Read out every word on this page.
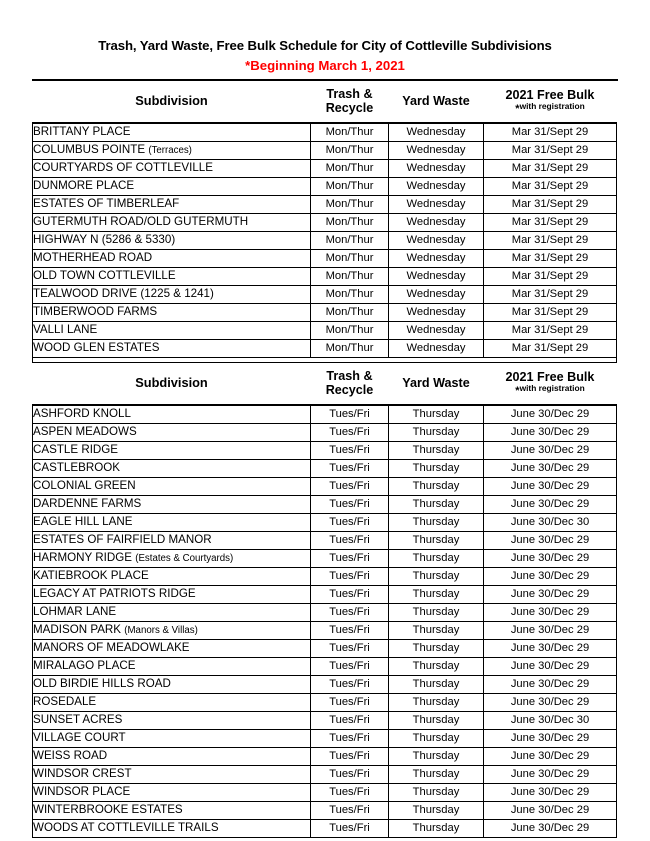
Trash, Yard Waste, Free Bulk Schedule for City of Cottleville Subdivisions
*Beginning March 1, 2021
Subdivision	Trash &
Recycle	Yard Waste	2021 Free Bulk
*with registration

BRITTANY PLACE	Mon/Thur	Wednesday	Mar 31/Sept 29
COLUMBUS POINTE (Terraces)	Mon/Thur	Wednesday	Mar 31/Sept 29
COURTYARDS OF COTTLEVILLE	Mon/Thur	Wednesday	Mar 31/Sept 29
DUNMORE PLACE	Mon/Thur	Wednesday	Mar 31/Sept 29
ESTATES OF TIMBERLEAF	Mon/Thur	Wednesday	Mar 31/Sept 29
GUTERMUTH ROAD/OLD GUTERMUTH	Mon/Thur	Wednesday	Mar 31/Sept 29
HIGHWAY N (5286 & 5330)	Mon/Thur	Wednesday	Mar 31/Sept 29
MOTHERHEAD ROAD	Mon/Thur	Wednesday	Mar 31/Sept 29
OLD TOWN COTTLEVILLE	Mon/Thur	Wednesday	Mar 31/Sept 29
TEALWOOD DRIVE (1225 & 1241)	Mon/Thur	Wednesday	Mar 31/Sept 29
TIMBERWOOD FARMS	Mon/Thur	Wednesday	Mar 31/Sept 29
VALLI LANE	Mon/Thur	Wednesday	Mar 31/Sept 29
WOOD GLEN ESTATES	Mon/Thur	Wednesday	Mar 31/Sept 29

Subdivision	Trash &
Recycle	Yard Waste	2021 Free Bulk
*with registration

ASHFORD KNOLL	Tues/Fri	Thursday	June 30/Dec 29
ASPEN MEADOWS	Tues/Fri	Thursday	June 30/Dec 29
CASTLE RIDGE	Tues/Fri	Thursday	June 30/Dec 29
CASTLEBROOK	Tues/Fri	Thursday	June 30/Dec 29
COLONIAL GREEN	Tues/Fri	Thursday	June 30/Dec 29
DARDENNE FARMS	Tues/Fri	Thursday	June 30/Dec 29
EAGLE HILL LANE	Tues/Fri	Thursday	June 30/Dec 30
ESTATES OF FAIRFIELD MANOR	Tues/Fri	Thursday	June 30/Dec 29
HARMONY RIDGE (Estates & Courtyards)	Tues/Fri	Thursday	June 30/Dec 29
KATIEBROOK PLACE	Tues/Fri	Thursday	June 30/Dec 29
LEGACY AT PATRIOTS RIDGE	Tues/Fri	Thursday	June 30/Dec 29
LOHMAR LANE	Tues/Fri	Thursday	June 30/Dec 29
MADISON PARK (Manors & Villas)	Tues/Fri	Thursday	June 30/Dec 29
MANORS OF MEADOWLAKE	Tues/Fri	Thursday	June 30/Dec 29
MIRALAGO PLACE	Tues/Fri	Thursday	June 30/Dec 29
OLD BIRDIE HILLS ROAD	Tues/Fri	Thursday	June 30/Dec 29
ROSEDALE	Tues/Fri	Thursday	June 30/Dec 29
SUNSET ACRES	Tues/Fri	Thursday	June 30/Dec 30
VILLAGE COURT	Tues/Fri	Thursday	June 30/Dec 29
WEISS ROAD	Tues/Fri	Thursday	June 30/Dec 29
WINDSOR CREST	Tues/Fri	Thursday	June 30/Dec 29
WINDSOR PLACE	Tues/Fri	Thursday	June 30/Dec 29
WINTERBROOKE ESTATES	Tues/Fri	Thursday	June 30/Dec 29
WOODS AT COTTLEVILLE TRAILS	Tues/Fri	Thursday	June 30/Dec 29
